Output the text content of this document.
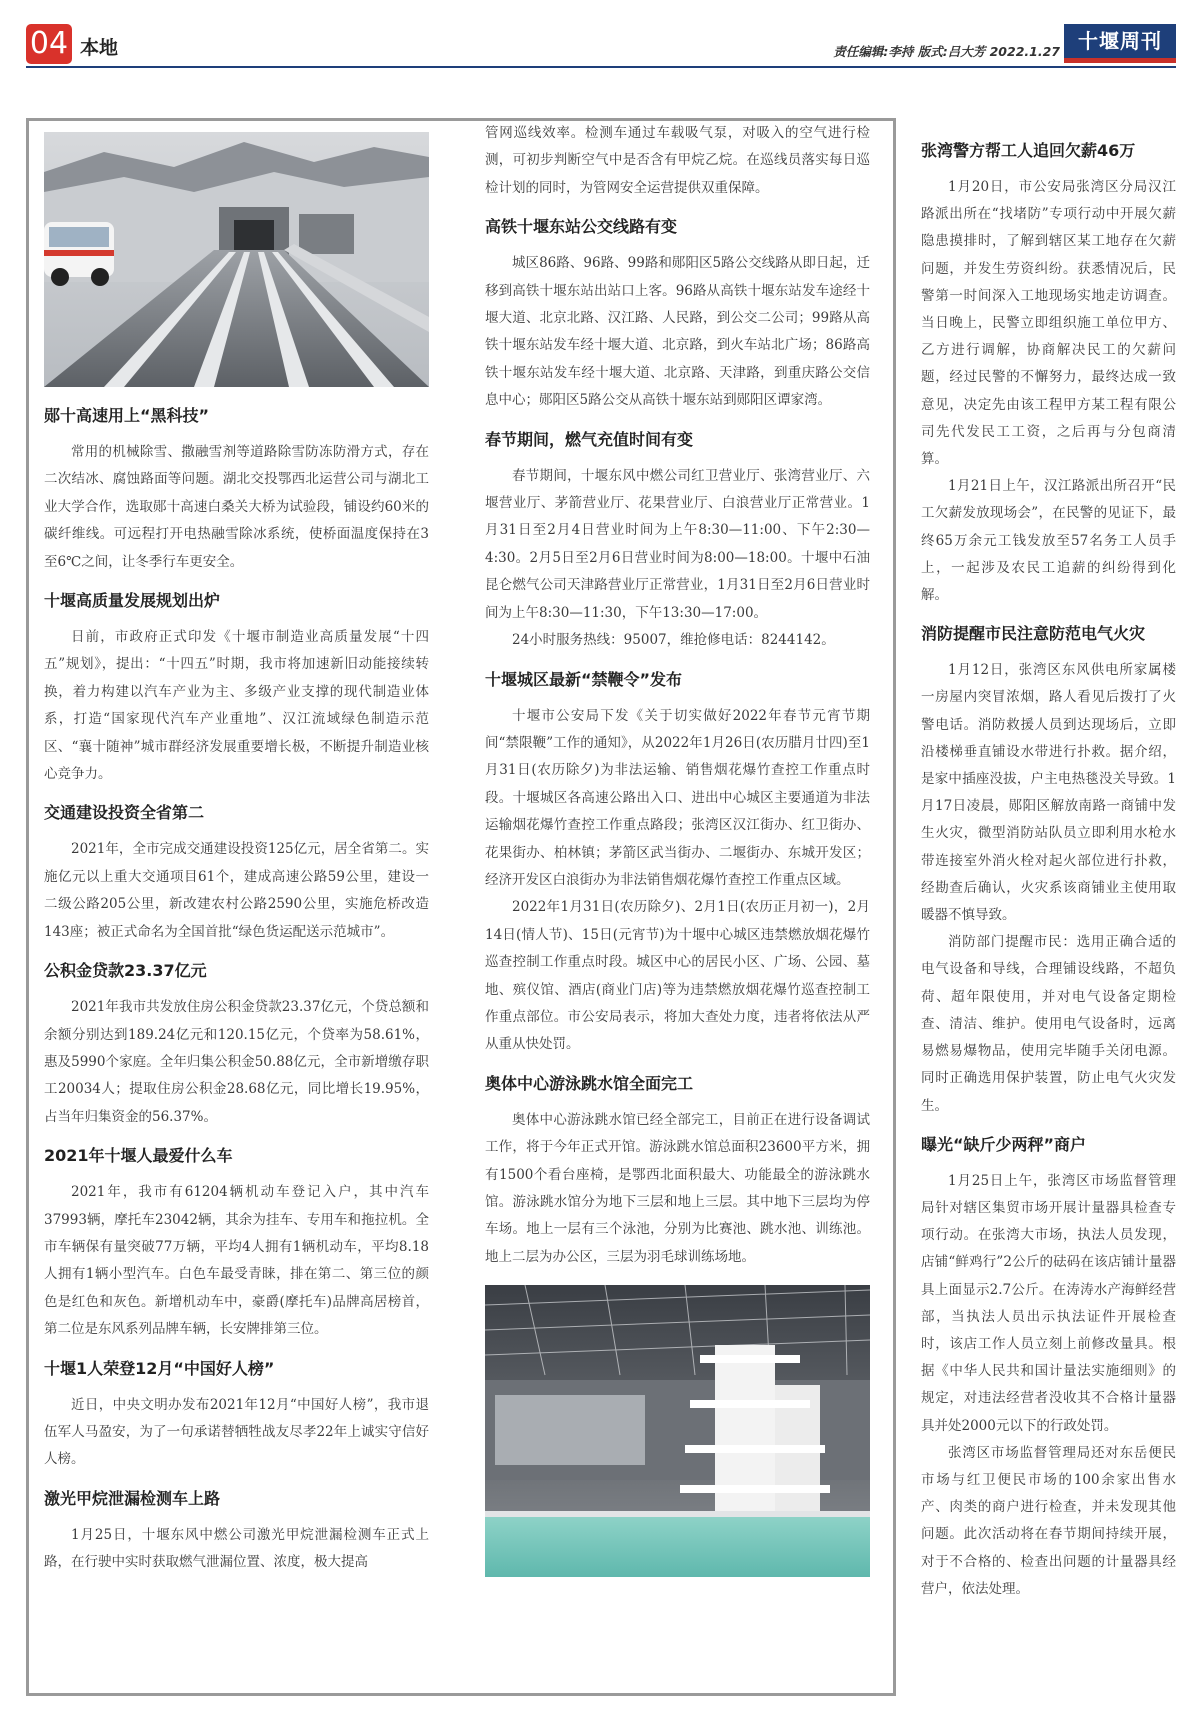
04 本地	责任编辑:李持 版式:吕大芳 2022.1.27 十堰周刊
郧十高速用上“黑科技”

常用的机械除雪、撒融雪剂等道路除雪防冻防滑方式，存在二次结冰、腐蚀路面等问题。湖北交投鄂西北运营公司与湖北工业大学合作，选取郧十高速白桑关大桥为试验段，铺设约60米的碳纤维线。可远程打开电热融雪除冰系统，使桥面温度保持在3至6℃之间，让冬季行车更安全。

十堰高质量发展规划出炉

日前，市政府正式印发《十堰市制造业高质量发展“十四五”规划》，提出：“十四五”时期，我市将加速新旧动能接续转换，着力构建以汽车产业为主、多级产业支撑的现代制造业体系，打造“国家现代汽车产业重地”、汉江流域绿色制造示范区、“襄十随神”城市群经济发展重要增长极，不断提升制造业核心竞争力。

交通建设投资全省第二

2021年，全市完成交通建设投资125亿元，居全省第二。实施亿元以上重大交通项目61个，建成高速公路59公里，建设一二级公路205公里，新改建农村公路2590公里，实施危桥改造143座；被正式命名为全国首批“绿色货运配送示范城市”。

公积金贷款23.37亿元

2021年我市共发放住房公积金贷款23.37亿元，个贷总额和余额分别达到189.24亿元和120.15亿元，个贷率为58.61%，惠及5990个家庭。全年归集公积金50.88亿元，全市新增缴存职工20034人；提取住房公积金28.68亿元，同比增长19.95%，占当年归集资金的56.37%。

2021年十堰人最爱什么车

2021年，我市有61204辆机动车登记入户，其中汽车37993辆，摩托车23042辆，其余为挂车、专用车和拖拉机。全市车辆保有量突破77万辆，平均4人拥有1辆机动车，平均8.18人拥有1辆小型汽车。白色车最受青睐，排在第二、第三位的颜色是红色和灰色。新增机动车中，豪爵(摩托车)品牌高居榜首，第二位是东风系列品牌车辆，长安牌排第三位。

十堰1人荣登12月“中国好人榜”

近日，中央文明办发布2021年12月“中国好人榜”，我市退伍军人马盈安，为了一句承诺替牺牲战友尽孝22年上诚实守信好人榜。

激光甲烷泄漏检测车上路

1月25日，十堰东风中燃公司激光甲烷泄漏检测车正式上路，在行驶中实时获取燃气泄漏位置、浓度，极大提高

管网巡线效率。检测车通过车载吸气泵，对吸入的空气进行检测，可初步判断空气中是否含有甲烷乙烷。在巡线员落实每日巡检计划的同时，为管网安全运营提供双重保障。

高铁十堰东站公交线路有变

城区86路、96路、99路和郧阳区5路公交线路从即日起，迁移到高铁十堰东站出站口上客。96路从高铁十堰东站发车途经十堰大道、北京北路、汉江路、人民路，到公交二公司；99路从高铁十堰东站发车经十堰大道、北京路，到火车站北广场；86路高铁十堰东站发车经十堰大道、北京路、天津路，到重庆路公交信息中心；郧阳区5路公交从高铁十堰东站到郧阳区谭家湾。

春节期间，燃气充值时间有变

春节期间，十堰东风中燃公司红卫营业厅、张湾营业厅、六堰营业厅、茅箭营业厅、花果营业厅、白浪营业厅正常营业。1月31日至2月4日营业时间为上午8:30—11:00、下午2:30—4:30。2月5日至2月6日营业时间为8:00—18:00。十堰中石油昆仑燃气公司天津路营业厅正常营业，1月31日至2月6日营业时间为上午8:30—11:30，下午13:30—17:00。

24小时服务热线：95007，维抢修电话：8244142。

十堰城区最新“禁鞭令”发布

十堰市公安局下发《关于切实做好2022年春节元宵节期间“禁限鞭”工作的通知》，从2022年1月26日(农历腊月廿四)至1月31日(农历除夕)为非法运输、销售烟花爆竹查控工作重点时段。十堰城区各高速公路出入口、进出中心城区主要通道为非法运输烟花爆竹查控工作重点路段；张湾区汉江街办、红卫街办、花果街办、柏林镇；茅箭区武当街办、二堰街办、东城开发区；经济开发区白浪街办为非法销售烟花爆竹查控工作重点区域。

2022年1月31日(农历除夕)、2月1日(农历正月初一)，2月14日(情人节)、15日(元宵节)为十堰中心城区违禁燃放烟花爆竹巡查控制工作重点时段。城区中心的居民小区、广场、公园、墓地、殡仪馆、酒店(商业门店)等为违禁燃放烟花爆竹巡查控制工作重点部位。市公安局表示，将加大查处力度，违者将依法从严从重从快处罚。

奥体中心游泳跳水馆全面完工

奥体中心游泳跳水馆已经全部完工，目前正在进行设备调试工作，将于今年正式开馆。游泳跳水馆总面积23600平方米，拥有1500个看台座椅，是鄂西北面积最大、功能最全的游泳跳水馆。游泳跳水馆分为地下三层和地上三层。其中地下三层均为停车场。地上一层有三个泳池，分别为比赛池、跳水池、训练池。地上二层为办公区，三层为羽毛球训练场地。

张湾警方帮工人追回欠薪46万

1月20日，市公安局张湾区分局汉江路派出所在“找堵防”专项行动中开展欠薪隐患摸排时，了解到辖区某工地存在欠薪问题，并发生劳资纠纷。获悉情况后，民警第一时间深入工地现场实地走访调查。当日晚上，民警立即组织施工单位甲方、乙方进行调解，协商解决民工的欠薪问题，经过民警的不懈努力，最终达成一致意见，决定先由该工程甲方某工程有限公司先代发民工工资，之后再与分包商清算。

1月21日上午，汉江路派出所召开“民工欠薪发放现场会”，在民警的见证下，最终65万余元工钱发放至57名务工人员手上，一起涉及农民工追薪的纠纷得到化解。

消防提醒市民注意防范电气火灾

1月12日，张湾区东风供电所家属楼一房屋内突冒浓烟，路人看见后拨打了火警电话。消防救援人员到达现场后，立即沿楼梯垂直铺设水带进行扑救。据介绍，是家中插座没拔，户主电热毯没关导致。1月17日凌晨，郧阳区解放南路一商铺中发生火灾，微型消防站队员立即利用水枪水带连接室外消火栓对起火部位进行扑救，经勘查后确认，火灾系该商铺业主使用取暖器不慎导致。

消防部门提醒市民：选用正确合适的电气设备和导线，合理铺设线路，不超负荷、超年限使用，并对电气设备定期检查、清洁、维护。使用电气设备时，远离易燃易爆物品，使用完毕随手关闭电源。同时正确选用保护装置，防止电气火灾发生。

曝光“缺斤少两秤”商户

1月25日上午，张湾区市场监督管理局针对辖区集贸市场开展计量器具检查专项行动。在张湾大市场，执法人员发现，店铺“鲜鸡行”2公斤的砝码在该店铺计量器具上面显示2.7公斤。在涛涛水产海鲜经营部，当执法人员出示执法证件开展检查时，该店工作人员立刻上前修改量具。根据《中华人民共和国计量法实施细则》的规定，对违法经营者没收其不合格计量器具并处2000元以下的行政处罚。

张湾区市场监督管理局还对东岳便民市场与红卫便民市场的100余家出售水产、肉类的商户进行检查，并未发现其他问题。此次活动将在春节期间持续开展，对于不合格的、检查出问题的计量器具经营户，依法处理。
